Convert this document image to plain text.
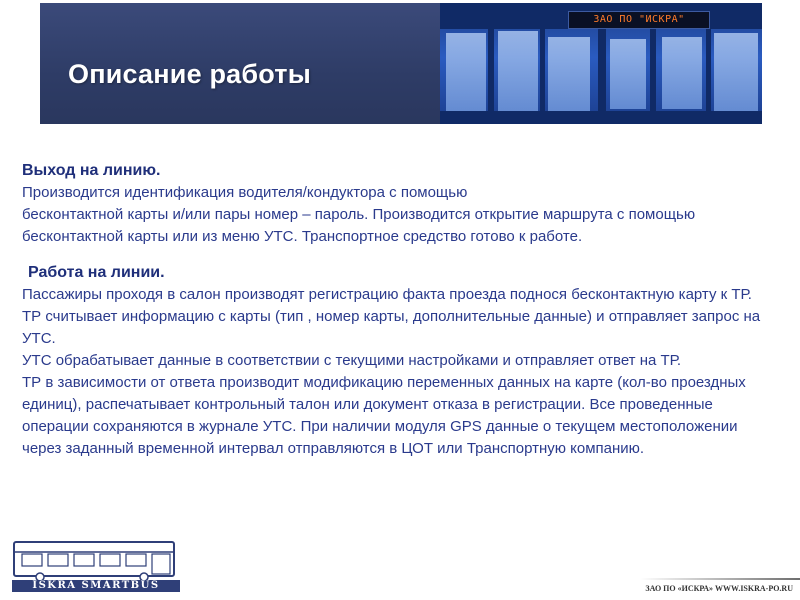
Описание работы
ЗАО ПО "ИСКРА"
Выход на линию.

Производится идентификация водителя/кондуктора с помощью
бесконтактной карты и/или пары номер – пароль. Производится открытие маршрута с помощью бесконтактной карты или из меню УТС. Транспортное средство готово к работе.

Работа на линии.

Пассажиры проходя в салон производят регистрацию факта проезда поднося бесконтактную карту к ТР. ТР считывает информацию с карты (тип , номер карты, дополнительные данные) и отправляет запрос на УТС.

УТС обрабатывает данные в соответствии с текущими настройками и отправляет ответ на ТР.

ТР в зависимости от ответа производит модификацию переменных данных на карте (кол-во проездных единиц), распечатывает контрольный талон или документ отказа в регистрации. Все проведенные операции сохраняются в журнале УТС. При наличии модуля GPS данные о текущем местоположении через заданный временной интервал отправляются в ЦОТ или Транспортную компанию.

ISKRA SMARTBUS	ЗАО ПО «ИСКРА» WWW.ISKRA-PO.RU
